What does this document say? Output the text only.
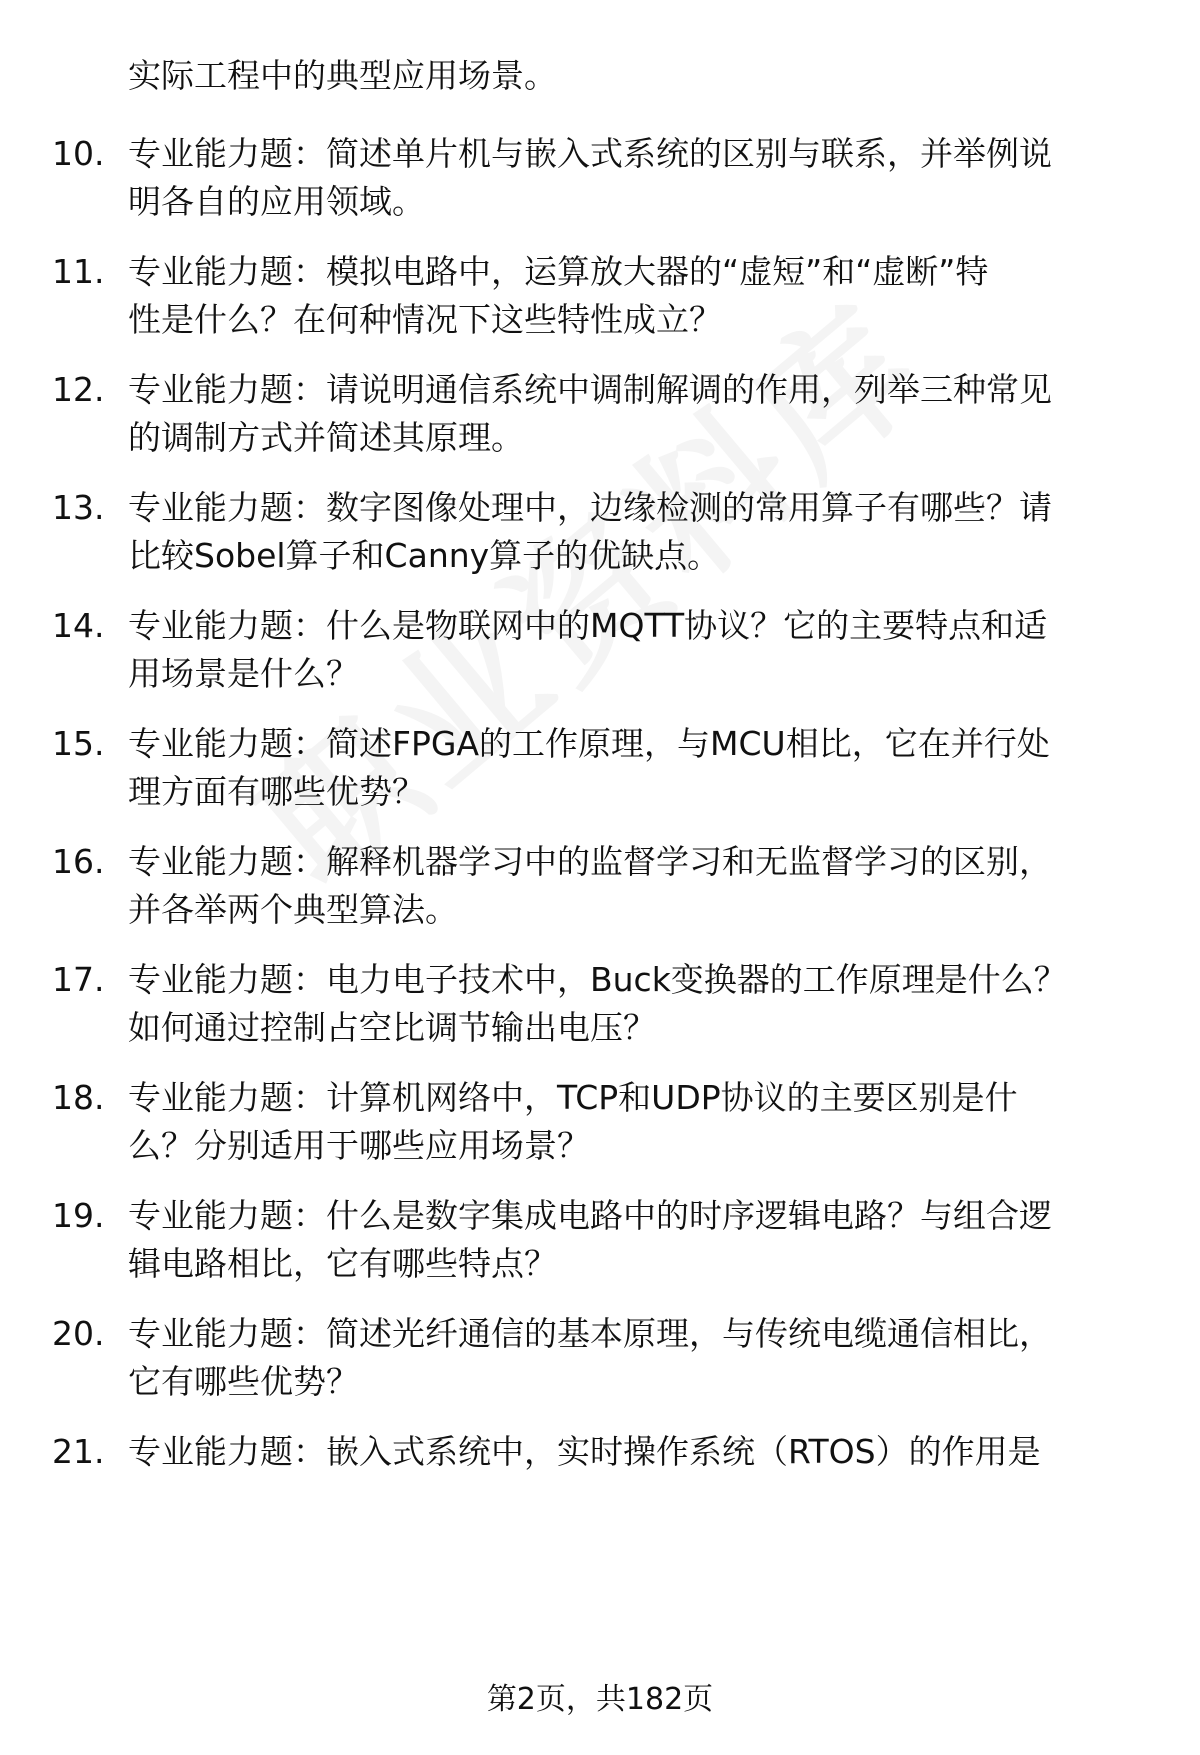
实际工程中的典型应用场景。
10. 专业能力题：简述单片机与嵌入式系统的区别与联系，并举例说
明各自的应用领域。
11. 专业能力题：模拟电路中，运算放大器的“虚短”和“虚断”特
性是什么？在何种情况下这些特性成立？
12. 专业能力题：请说明通信系统中调制解调的作用，列举三种常见
的调制方式并简述其原理。
13. 专业能力题：数字图像处理中，边缘检测的常用算子有哪些？请
比较Sobel算子和Canny算子的优缺点。
14. 专业能力题：什么是物联网中的MQTT协议？它的主要特点和适
用场景是什么？
15. 专业能力题：简述FPGA的工作原理，与MCU相比，它在并行处
理方面有哪些优势？
16. 专业能力题：解释机器学习中的监督学习和无监督学习的区别，
并各举两个典型算法。
17. 专业能力题：电力电子技术中，Buck变换器的工作原理是什么？
如何通过控制占空比调节输出电压？
18. 专业能力题：计算机网络中，TCP和UDP协议的主要区别是什
么？分别适用于哪些应用场景？
19. 专业能力题：什么是数字集成电路中的时序逻辑电路？与组合逻
辑电路相比，它有哪些特点？
20. 专业能力题：简述光纤通信的基本原理，与传统电缆通信相比，
它有哪些优势？
21. 专业能力题：嵌入式系统中，实时操作系统（RTOS）的作用是
第2页，共182页
